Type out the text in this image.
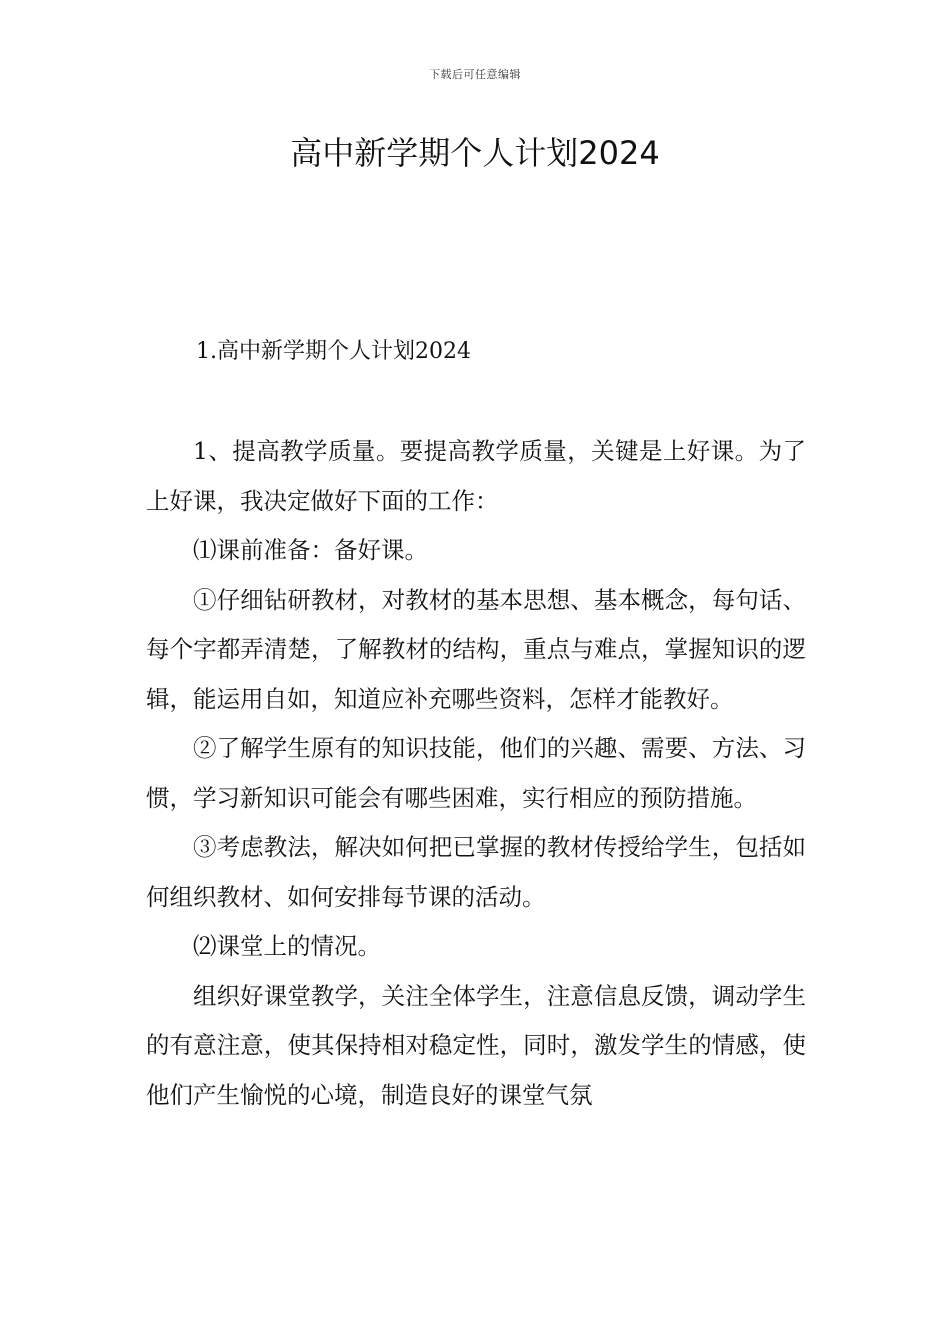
下载后可任意编辑
高中新学期个人计划2024
1.高中新学期个人计划2024

1、提高教学质量。要提高教学质量，关键是上好课。为了上好课，我决定做好下面的工作：

⑴课前准备：备好课。

①仔细钻研教材，对教材的基本思想、基本概念，每句话、每个字都弄清楚，了解教材的结构，重点与难点，掌握知识的逻辑，能运用自如，知道应补充哪些资料，怎样才能教好。

②了解学生原有的知识技能，他们的兴趣、需要、方法、习惯，学习新知识可能会有哪些困难，实行相应的预防措施。

③考虑教法，解决如何把已掌握的教材传授给学生，包括如何组织教材、如何安排每节课的活动。

⑵课堂上的情况。

组织好课堂教学，关注全体学生，注意信息反馈，调动学生的有意注意，使其保持相对稳定性，同时，激发学生的情感，使他们产生愉悦的心境，制造良好的课堂气氛
